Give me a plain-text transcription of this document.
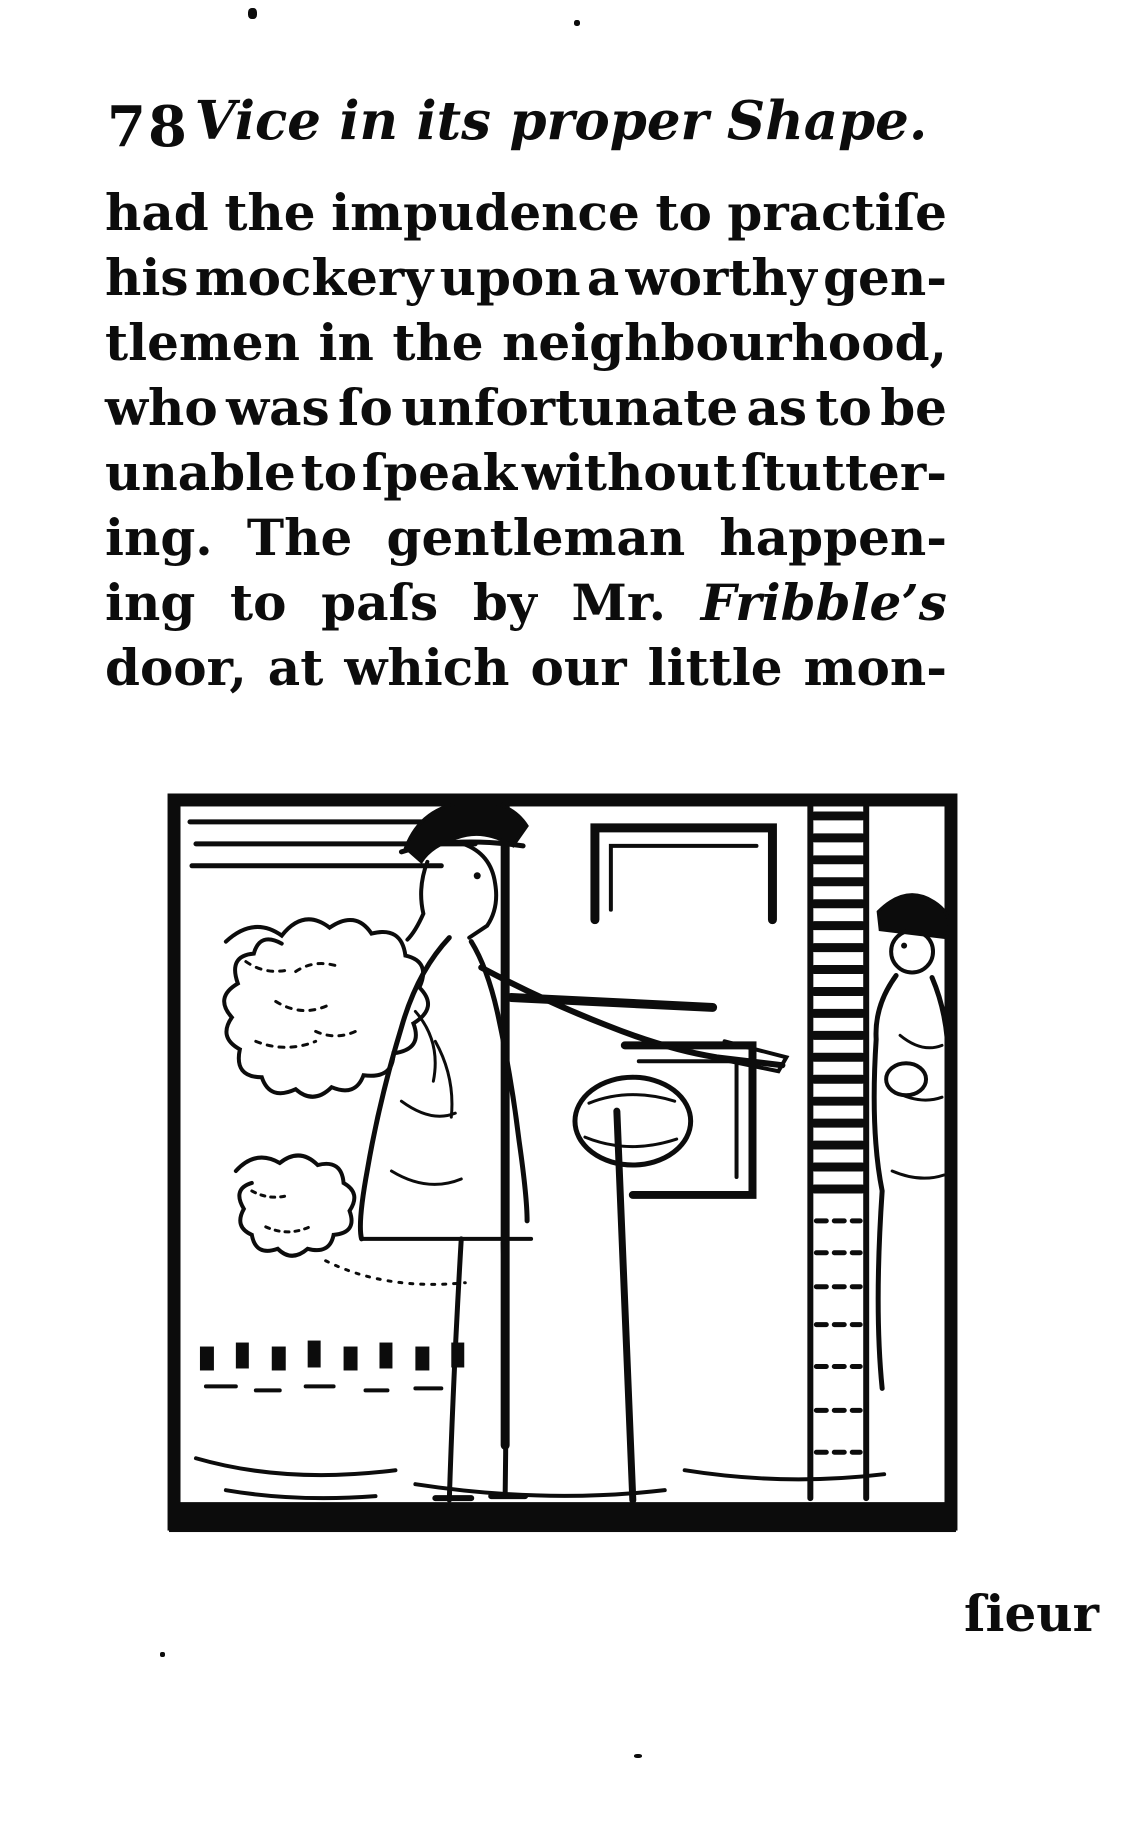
78 Vice in its proper Shape.
had the impudence to practiſe
his mockery upon a worthy gen-
tlemen in the neighbourhood,
who was ſo unfortunate as to be
unable to ſpeak without ſtutter-
ing. The gentleman happen-
ing to paſs by Mr. Fribble’s
door, at which our little mon-
ſieur
